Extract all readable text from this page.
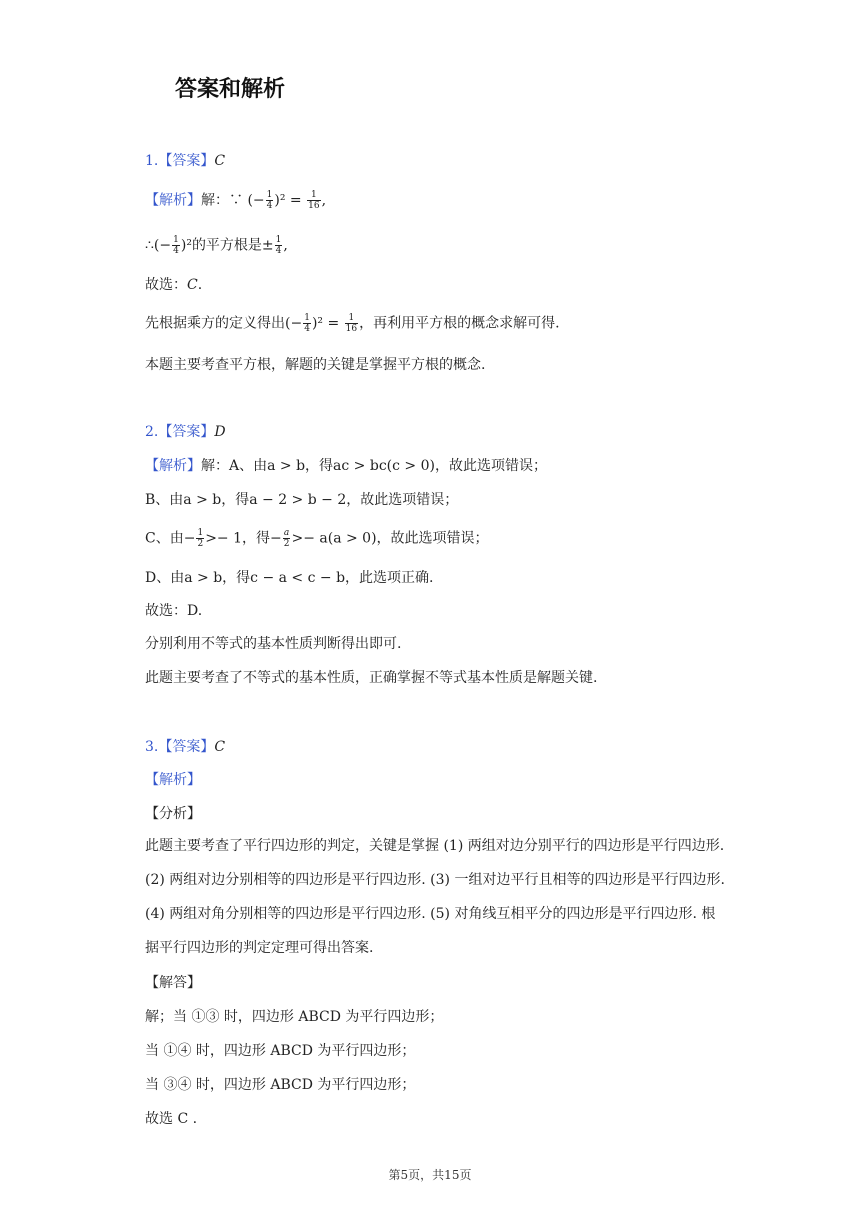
答案和解析
1.【答案】C
【解析】解：∵ (− $\frac{1}{4} )^2 = \frac{1}{16}$ ,
∴(− $\frac{1}{4} )^2$的平方根是± $\frac{1}{4}$ ,
故选：C.
先根据乘方的定义得出(− $\frac{1}{4} )^2 = \frac{1}{16}$ ，再利用平方根的概念求解可得.
本题主要考查平方根，解题的关键是掌握平方根的概念.
2.【答案】D
【解析】解：A、由a > b，得ac > bc(c > 0)，故此选项错误；
B、由a > b，得a − 2 > b − 2，故此选项错误；
C、由− $\frac{1}{2} >- 1$，得− $\frac{a}{2} >- a(a > 0)$，故此选项错误；
D、由a > b，得c − a < c − b，此选项正确.
故选：D.
分别利用不等式的基本性质判断得出即可.
此题主要考查了不等式的基本性质，正确掌握不等式基本性质是解题关键.
3.【答案】C
【解析】
【分析】
此题主要考查了平行四边形的判定，关键是掌握 (1) 两组对边分别平行的四边形是平行四边形. (2) 两组对边分别相等的四边形是平行四边形. (3) 一组对边平行且相等的四边形是平行四边形. (4) 两组对角分别相等的四边形是平行四边形. (5) 对角线互相平分的四边形是平行四边形. 根据平行四边形的判定定理可得出答案.
【解答】
解；当 ①③ 时，四边形 ABCD 为平行四边形；
当 ①④ 时，四边形 ABCD 为平行四边形；
当 ③④ 时，四边形 ABCD 为平行四边形；
故选 C .
第5页，共15页
